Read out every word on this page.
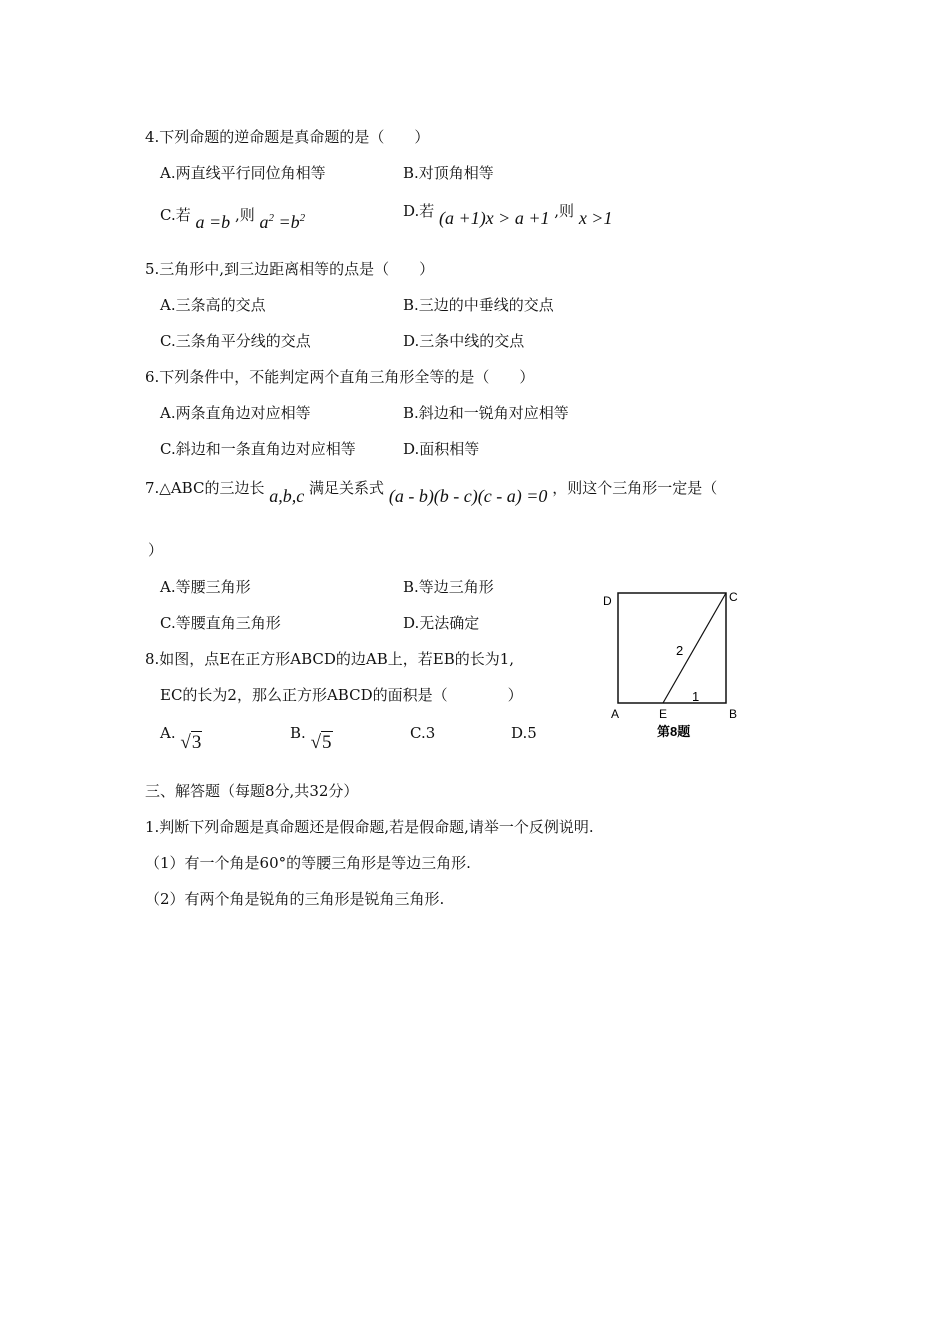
4.下列命题的逆命题是真命题的是（　　）
A.两直线平行同位角相等	B.对顶角相等
C.若 a =b ,则 $a^2 =b^2$	D.若 (a +1)x > a +1 ,则 x >1
5.三角形中,到三边距离相等的点是（　　）
A.三条高的交点	B.三边的中垂线的交点
C.三条角平分线的交点	D.三条中线的交点
6.下列条件中，不能判定两个直角三角形全等的是（　　）
A.两条直角边对应相等	B.斜边和一锐角对应相等
C.斜边和一条直角边对应相等	D.面积相等
7.△ABC的三边长 a,b,c 满足关系式 (a - b)(b - c)(c - a) =0 ，则这个三角形一定是（
）
A.等腰三角形	B.等边三角形
C.等腰直角三角形	D.无法确定
8.如图，点E在正方形ABCD的边AB上，若EB的长为1,
EC的长为2，那么正方形ABCD的面积是（　　　　）
A. √3	B. √5	C.3	D.5
D	C
A	E	B
2
1
第8题
三、解答题（每题8分,共32分）
1.判断下列命题是真命题还是假命题,若是假命题,请举一个反例说明.
（1）有一个角是60°的等腰三角形是等边三角形.
（2）有两个角是锐角的三角形是锐角三角形.
